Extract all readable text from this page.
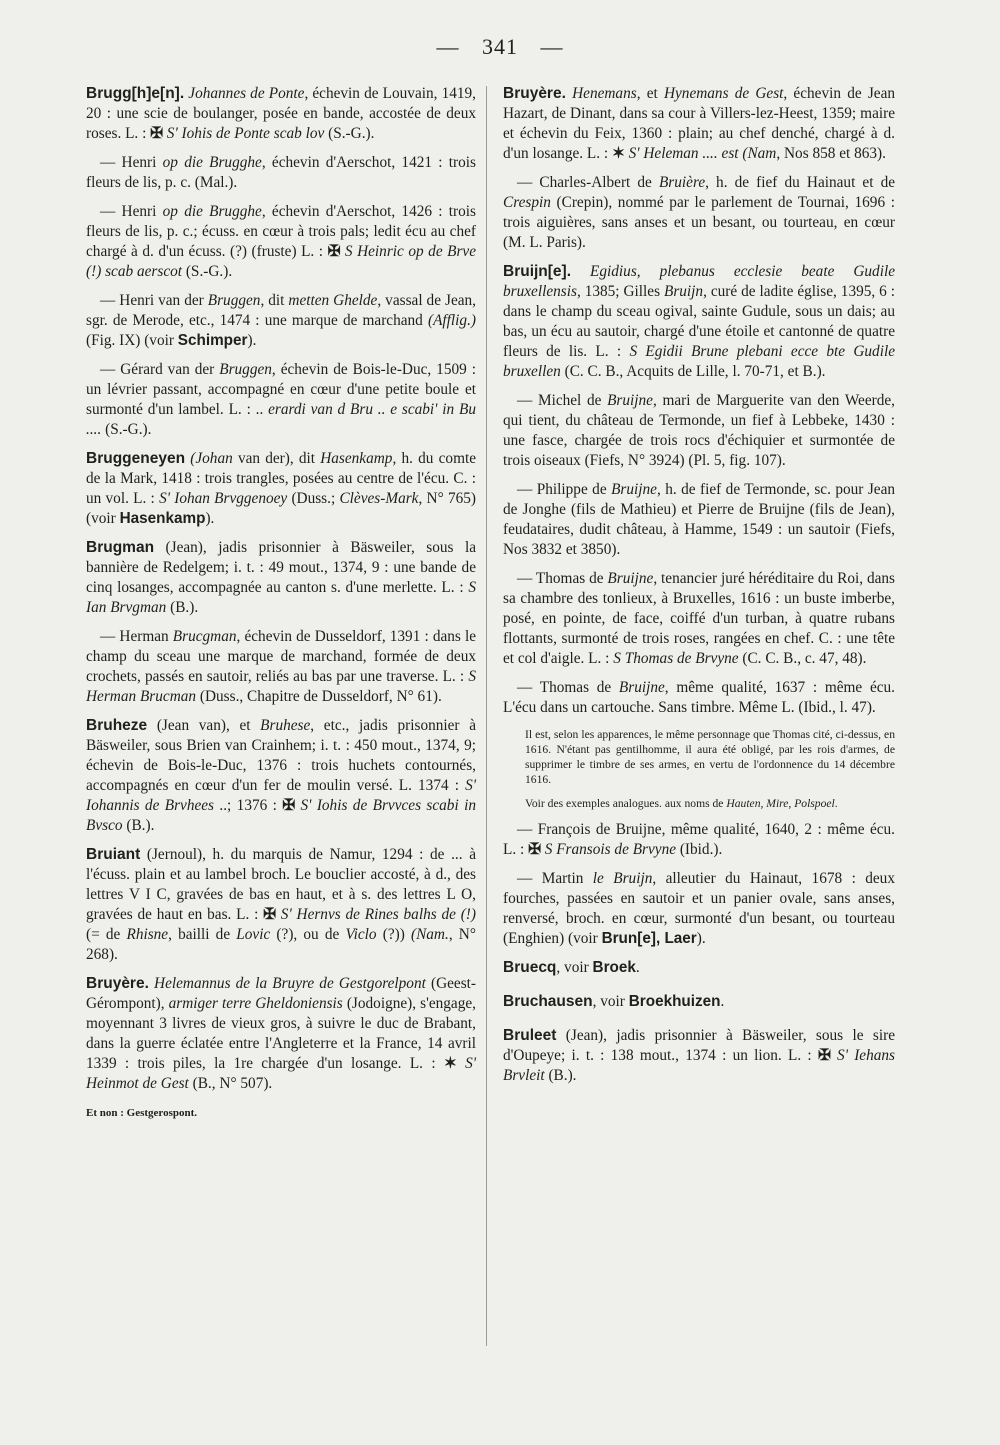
— 341 —

Brugg[h]e[n]. Johannes de Ponte, échevin de Louvain, 1419, 20 : une scie de boulanger, posée en bande, accostée de deux roses. L. : ✠ S' Iohis de Ponte scab lov (S.-G.).

— Henri op die Brugghe, échevin d'Aerschot, 1421 : trois fleurs de lis, p. c. (Mal.).

— Henri op die Brugghe, échevin d'Aerschot, 1426 : trois fleurs de lis, p. c.; écuss. en cœur à trois pals; ledit écu au chef chargé à d. d'un écuss. (?) (fruste) L. : ✠ S Heinric op de Brve (!) scab aerscot (S.-G.).

— Henri van der Bruggen, dit metten Ghelde, vassal de Jean, sgr. de Merode, etc., 1474 : une marque de marchand (Afflig.) (Fig. IX) (voir Schimper).

— Gérard van der Bruggen, échevin de Bois-le-Duc, 1509 : un lévrier passant, accompagné en cœur d'une petite boule et surmonté d'un lambel. L. : .. erardi van d Bru .. e scabi' in Bu .... (S.-G.).

Bruggeneyen (Johan van der), dit Hasenkamp, h. du comte de la Mark, 1418 : trois trangles, posées au centre de l'écu. C. : un vol. L. : S' Iohan Brvggenoey (Duss.; Clèves-Mark, N° 765) (voir Hasenkamp).

Brugman (Jean), jadis prisonnier à Bäsweiler, sous la bannière de Redelgem; i. t. : 49 mout., 1374, 9 : une bande de cinq losanges, accompagnée au canton s. d'une merlette. L. : S Ian Brvgman (B.).

— Herman Brucgman, échevin de Dusseldorf, 1391 : dans le champ du sceau une marque de marchand, formée de deux crochets, passés en sautoir, reliés au bas par une traverse. L. : S Herman Brucman (Duss., Chapitre de Dusseldorf, N° 61).

Bruheze (Jean van), et Bruhese, etc., jadis prisonnier à Bäsweiler, sous Brien van Crainhem; i. t. : 450 mout., 1374, 9; échevin de Bois-le-Duc, 1376 : trois huchets contournés, accompagnés en cœur d'un fer de moulin versé. L. 1374 : S' Iohannis de Brvhees ..; 1376 : ✠ S' Iohis de Brvvces scabi in Bvsco (B.).

Bruiant (Jernoul), h. du marquis de Namur, 1294 : de ... à l'écuss. plain et au lambel broch. Le bouclier accosté, à d., des lettres V I C, gravées de bas en haut, et à s. des lettres L O, gravées de haut en bas. L. : ✠ S' Hernvs de Rines balhs de (!) (= de Rhisne, bailli de Lovic (?), ou de Viclo (?)) (Nam., N° 268).

Bruyère. Helemannus de la Bruyre de Gestgorelpont (Geest-Gérompont), armiger terre Gheldoniensis (Jodoigne), s'engage, moyennant 3 livres de vieux gros, à suivre le duc de Brabant, dans la guerre éclatée entre l'Angleterre et la France, 14 avril 1339 : trois piles, la 1re chargée d'un losange. L. : ✶ S' Heinmot de Gest (B., N° 507).

Et non : Gestgerospont.

Bruyère. Henemans, et Hynemans de Gest, échevin de Jean Hazart, de Dinant, dans sa cour à Villers-lez-Heest, 1359; maire et échevin du Feix, 1360 : plain; au chef denché, chargé à d. d'un losange. L. : ✶ S' Heleman .... est (Nam, Nos 858 et 863).

— Charles-Albert de Bruière, h. de fief du Hainaut et de Crespin (Crepin), nommé par le parlement de Tournai, 1696 : trois aiguières, sans anses et un besant, ou tourteau, en cœur (M. L. Paris).

Bruijn[e]. Egidius, plebanus ecclesie beate Gudile bruxellensis, 1385; Gilles Bruijn, curé de ladite église, 1395, 6 : dans le champ du sceau ogival, sainte Gudule, sous un dais; au bas, un écu au sautoir, chargé d'une étoile et cantonné de quatre fleurs de lis. L. : S Egidii Brune plebani ecce bte Gudile bruxellen (C. C. B., Acquits de Lille, l. 70-71, et B.).

— Michel de Bruijne, mari de Marguerite van den Weerde, qui tient, du château de Termonde, un fief à Lebbeke, 1430 : une fasce, chargée de trois rocs d'échiquier et surmontée de trois oiseaux (Fiefs, N° 3924) (Pl. 5, fig. 107).

— Philippe de Bruijne, h. de fief de Termonde, sc. pour Jean de Jonghe (fils de Mathieu) et Pierre de Bruijne (fils de Jean), feudataires, dudit château, à Hamme, 1549 : un sautoir (Fiefs, Nos 3832 et 3850).

— Thomas de Bruijne, tenancier juré héréditaire du Roi, dans sa chambre des tonlieux, à Bruxelles, 1616 : un buste imberbe, posé, en pointe, de face, coiffé d'un turban, à quatre rubans flottants, surmonté de trois roses, rangées en chef. C. : une tête et col d'aigle. L. : S Thomas de Brvyne (C. C. B., c. 47, 48).

— Thomas de Bruijne, même qualité, 1637 : même écu. L'écu dans un cartouche. Sans timbre. Même L. (Ibid., l. 47).

Il est, selon les apparences, le même personnage que Thomas cité, ci-dessus, en 1616. N'étant pas gentilhomme, il aura été obligé, par les rois d'armes, de supprimer le timbre de ses armes, en vertu de l'ordonnence du 14 décembre 1616.

Voir des exemples analogues. aux noms de Hauten, Mire, Polspoel.

— François de Bruijne, même qualité, 1640, 2 : même écu. L. : ✠ S Fransois de Brvyne (Ibid.).

— Martin le Bruijn, alleutier du Hainaut, 1678 : deux fourches, passées en sautoir et un panier ovale, sans anses, renversé, broch. en cœur, surmonté d'un besant, ou tourteau (Enghien) (voir Brun[e], Laer).

Bruecq, voir Broek.

Bruchausen, voir Broekhuizen.

Bruleet (Jean), jadis prisonnier à Bäsweiler, sous le sire d'Oupeye; i. t. : 138 mout., 1374 : un lion. L. : ✠ S' Iehans Brvleit (B.).
